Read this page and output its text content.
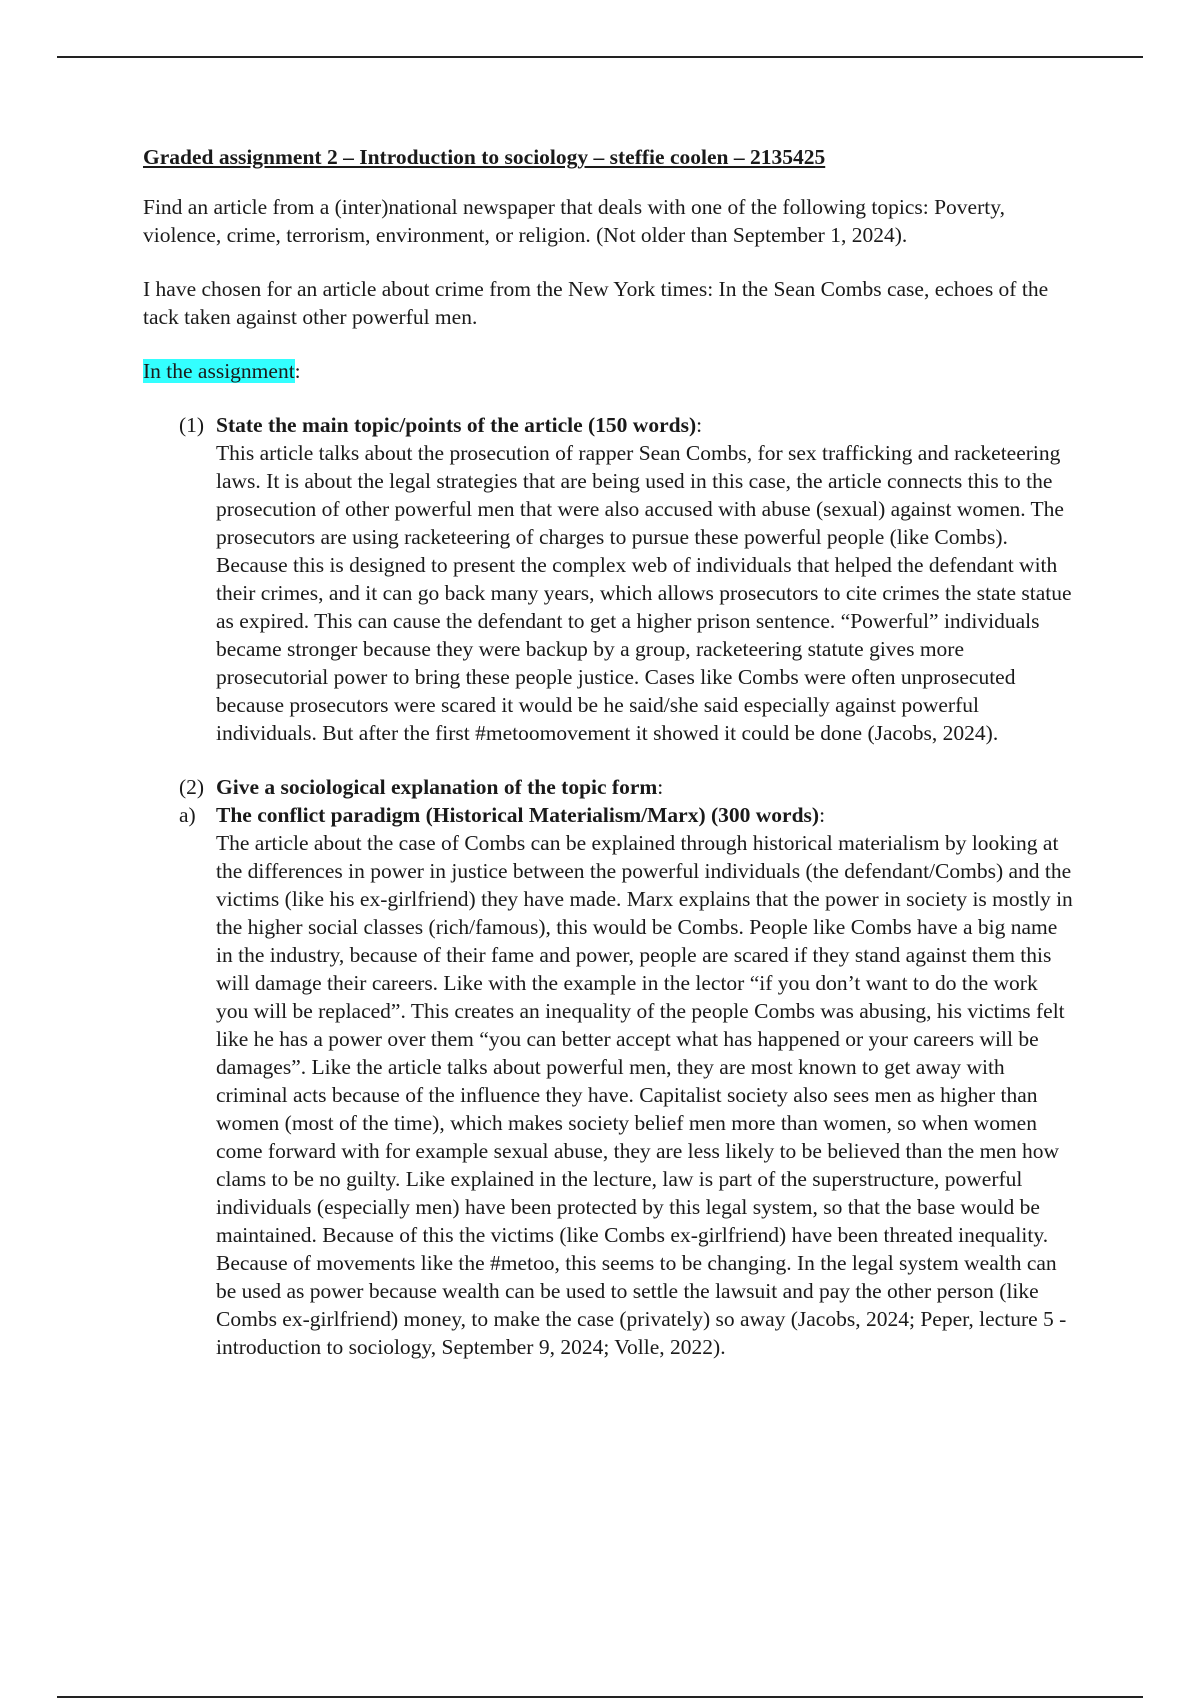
Graded assignment 2 – Introduction to sociology – steffie coolen – 2135425

Find an article from a (inter)national newspaper that deals with one of the following topics: Poverty, violence, crime, terrorism, environment, or religion. (Not older than September 1, 2024).

I have chosen for an article about crime from the New York times: In the Sean Combs case, echoes of the tack taken against other powerful men.

In the assignment:

(1) State the main topic/points of the article (150 words):

This article talks about the prosecution of rapper Sean Combs, for sex trafficking and racketeering laws. It is about the legal strategies that are being used in this case, the article connects this to the prosecution of other powerful men that were also accused with abuse (sexual) against women. The prosecutors are using racketeering of charges to pursue these powerful people (like Combs). Because this is designed to present the complex web of individuals that helped the defendant with their crimes, and it can go back many years, which allows prosecutors to cite crimes the state statue as expired. This can cause the defendant to get a higher prison sentence. “Powerful” individuals became stronger because they were backup by a group, racketeering statute gives more prosecutorial power to bring these people justice. Cases like Combs were often unprosecuted because prosecutors were scared it would be he said/she said especially against powerful individuals. But after the first #metoomovement it showed it could be done (Jacobs, 2024).

(2) Give a sociological explanation of the topic form:

a) The conflict paradigm (Historical Materialism/Marx) (300 words):

The article about the case of Combs can be explained through historical materialism by looking at the differences in power in justice between the powerful individuals (the defendant/Combs) and the victims (like his ex-girlfriend) they have made. Marx explains that the power in society is mostly in the higher social classes (rich/famous), this would be Combs. People like Combs have a big name in the industry, because of their fame and power, people are scared if they stand against them this will damage their careers. Like with the example in the lector “if you don’t want to do the work you will be replaced”. This creates an inequality of the people Combs was abusing, his victims felt like he has a power over them “you can better accept what has happened or your careers will be damages”. Like the article talks about powerful men, they are most known to get away with criminal acts because of the influence they have. Capitalist society also sees men as higher than women (most of the time), which makes society belief men more than women, so when women come forward with for example sexual abuse, they are less likely to be believed than the men how clams to be no guilty. Like explained in the lecture, law is part of the superstructure, powerful individuals (especially men) have been protected by this legal system, so that the base would be maintained. Because of this the victims (like Combs ex-girlfriend) have been threated inequality. Because of movements like the #metoo, this seems to be changing. In the legal system wealth can be used as power because wealth can be used to settle the lawsuit and pay the other person (like Combs ex-girlfriend) money, to make the case (privately) so away (Jacobs, 2024; Peper, lecture 5 - introduction to sociology, September 9, 2024; Volle, 2022).
